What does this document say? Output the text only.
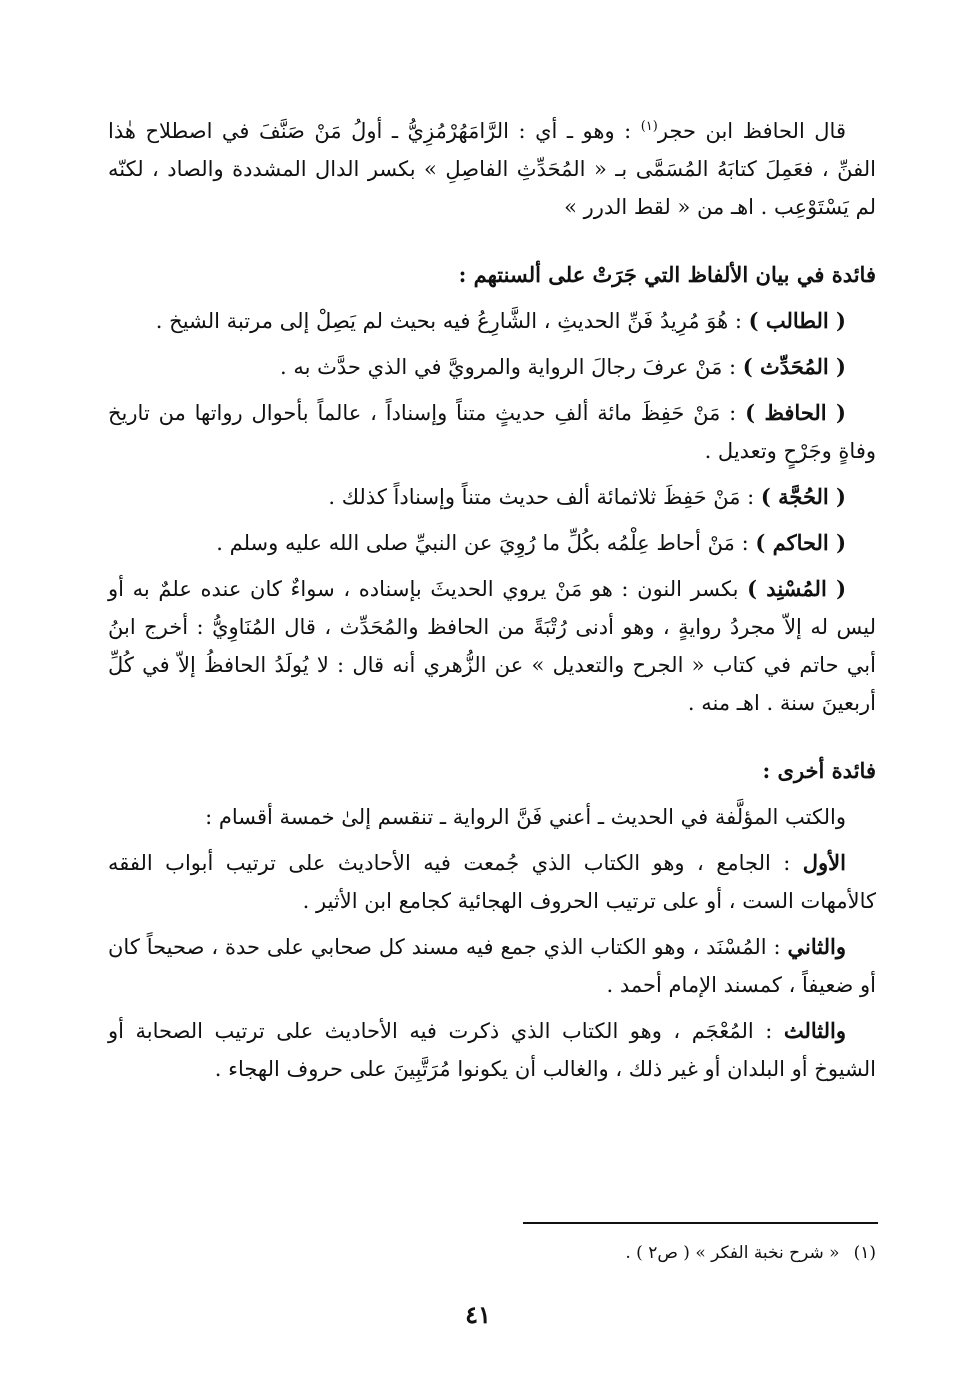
قال الحافظ ابن حجر$^{(١)}$ : وهو ـ أي : الرَّامَهُرْمُزِيُّ ـ أولُ مَنْ صَنَّفَ في اصطلاح هٰذا الفنِّ ، فعَمِلَ كتابَهُ المُسَمَّى بـ « المُحَدِّثِ الفاصِلِ » بكسر الدال المشددة والصاد ، لكنّه لم يَسْتَوْعِب . اهـ من « لقط الدرر »

فائدة في بيان الألفاظ التي جَرَتْ على ألسنتهم :

( الطالب ) : هُوَ مُرِيدُ فَنِّ الحديثِ ، الشَّارِعُ فيه بحيث لم يَصِلْ إلى مرتبة الشيخ .

( المُحَدِّث ) : مَنْ عرفَ رجالَ الرواية والمرويَّ في الذي حدَّث به .

( الحافظ ) : مَنْ حَفِظَ مائة ألفِ حديثٍ متناً وإسناداً ، عالماً بأحوال رواتها من تاريخ وفاةٍ وجَرْحٍ وتعديل .

( الحُجَّة ) : مَنْ حَفِظَ ثلاثمائة ألف حديث متناً وإسناداً كذلك .

( الحاكم ) : مَنْ أحاط عِلْمُه بكُلِّ ما رُوِيَ عن النبيِّ صلى الله عليه وسلم .

( المُسْنِد ) بكسر النون : هو مَنْ يروي الحديثَ بإسناده ، سواءٌ كان عنده علمٌ به أو ليس له إلاّ مجردُ روايةٍ ، وهو أدنى رُتْبَةً من الحافظ والمُحَدِّث ، قال المُنَاوِيُّ : أخرج ابنُ أبي حاتم في كتاب « الجرح والتعديل » عن الزُّهري أنه قال : لا يُولَدُ الحافظُ إلاّ في كُلِّ أربعينَ سنة . اهـ منه .

فائدة أخرى :

والكتب المؤلَّفة في الحديث ـ أعني فَنَّ الرواية ـ تنقسم إلىٰ خمسة أقسام :

الأول : الجامع ، وهو الكتاب الذي جُمعت فيه الأحاديث على ترتيب أبواب الفقه كالأمهات الست ، أو على ترتيب الحروف الهجائية كجامع ابن الأثير .

والثاني : المُسْنَد ، وهو الكتاب الذي جمع فيه مسند كل صحابي على حدة ، صحيحاً كان أو ضعيفاً ، كمسند الإمام أحمد .

والثالث : المُعْجَم ، وهو الكتاب الذي ذكرت فيه الأحاديث على ترتيب الصحابة أو الشيوخ أو البلدان أو غير ذلك ، والغالب أن يكونوا مُرَتَّبِينَ على حروف الهجاء .

(١)« شرح نخبة الفكر » ( ص٢ ) .
٤١
